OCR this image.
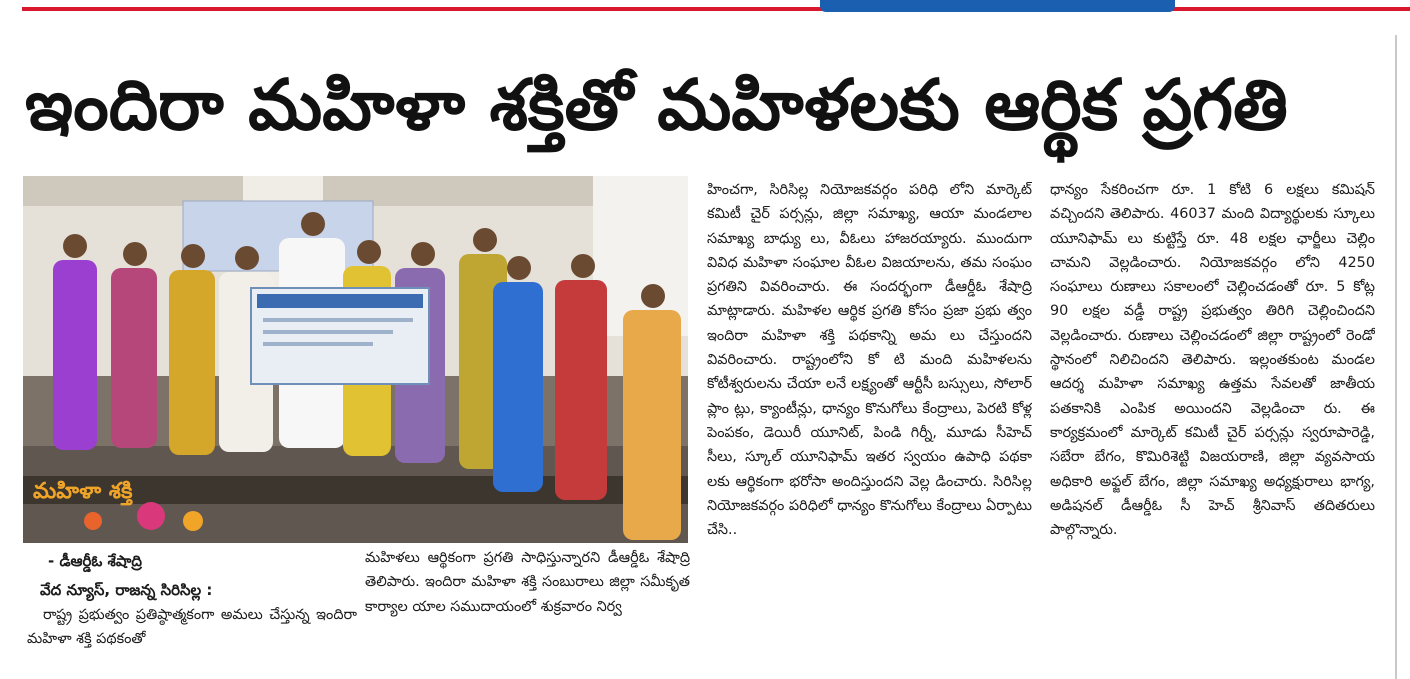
ఇందిరా మహిళా శక్తితో మహిళలకు ఆర్థిక ప్రగతి
మహిళా శక్తి
- డీఆర్డీఓ శేషాద్రి
వేద న్యూస్, రాజన్న సిరిసిల్ల :

రాష్ట్ర ప్రభుత్వం ప్రతిష్ఠాత్మకంగా అమలు చేస్తున్న ఇందిరా మహిళా శక్తి పథకంతో

మహిళలు ఆర్థికంగా ప్రగతి సాధిస్తున్నారని డీఆర్డీఓ శేషాద్రి తెలిపారు. ఇందిరా మహిళా శక్తి సంబురాలు జిల్లా సమీకృత కార్యాల యాల సముదాయంలో శుక్రవారం నిర్వ

హించగా, సిరిసిల్ల నియోజకవర్గం పరిధి లోని మార్కెట్ కమిటీ చైర్ పర్సన్లు, జిల్లా సమాఖ్య, ఆయా మండలాల సమాఖ్య బాధ్యు లు, వీఓలు హాజరయ్యారు. ముందుగా వివిధ మహిళా సంఘాల వీఓల విజయాలను, తమ సంఘం ప్రగతిని వివరించారు. ఈ సందర్భంగా డీఆర్డీఓ శేషాద్రి మాట్లాడారు. మహిళల ఆర్థిక ప్రగతి కోసం ప్రజా ప్రభు త్వం ఇందిరా మహిళా శక్తి పథకాన్ని అమ లు చేస్తుందని వివరించారు. రాష్ట్రంలోని కో టి మంది మహిళలను కోటీశ్వరులను చేయా లనే లక్ష్యంతో ఆర్టీసీ బస్సులు, సోలార్ ప్లాం ట్లు, క్యాంటీన్లు, ధాన్యం కొనుగోలు కేంద్రాలు, పెరటి కోళ్ల పెంపకం, డెయిరీ యూనిట్, పిండి గిర్నీ, మూడు సీహెచ్ సీలు, స్కూల్ యూనిఫామ్ ఇతర స్వయం ఉపాధి పథకా లకు ఆర్థికంగా భరోసా అందిస్తుందని వెల్ల డించారు. సిరిసిల్ల నియోజకవర్గం పరిధిలో ధాన్యం కొనుగోలు కేంద్రాలు ఏర్పాటు చేసి..

ధాన్యం సేకరించగా రూ. 1 కోటి 6 లక్షలు కమిషన్ వచ్చిందని తెలిపారు. 46037 మంది విద్యార్థులకు స్కూలు యూనిఫామ్ లు కుట్టిస్తే రూ. 48 లక్షల ఛార్జీలు చెల్లిం చామని వెల్లడించారు. నియోజకవర్గం లోని 4250 సంఘాలు రుణాలు సకాలంలో చెల్లించడంతో రూ. 5 కోట్ల 90 లక్షల వడ్డీ రాష్ట్ర ప్రభుత్వం తిరిగి చెల్లించిందని వెల్లడించారు. రుణాలు చెల్లించడంలో జిల్లా రాష్ట్రంలో రెండో స్థానంలో నిలిచిందని తెలిపారు. ఇల్లంతకుంట మండల ఆదర్శ మహిళా సమాఖ్య ఉత్తమ సేవలతో జాతీయ పతకానికి ఎంపిక అయిందని వెల్లడించా రు. ఈ కార్యక్రమంలో మార్కెట్ కమిటీ చైర్ పర్సన్లు స్వరూపారెడ్డి, సబేరా బేగం, కొమిరిశెట్టి విజయరాణి, జిల్లా వ్యవసాయ అధికారి అఫ్జల్ బేగం, జిల్లా సమాఖ్య అధ్యక్షురాలు భాగ్య, అడిషనల్ డీఆర్డీఓ సీ హెచ్ శ్రీనివాస్ తదితరులు పాల్గొన్నారు.
